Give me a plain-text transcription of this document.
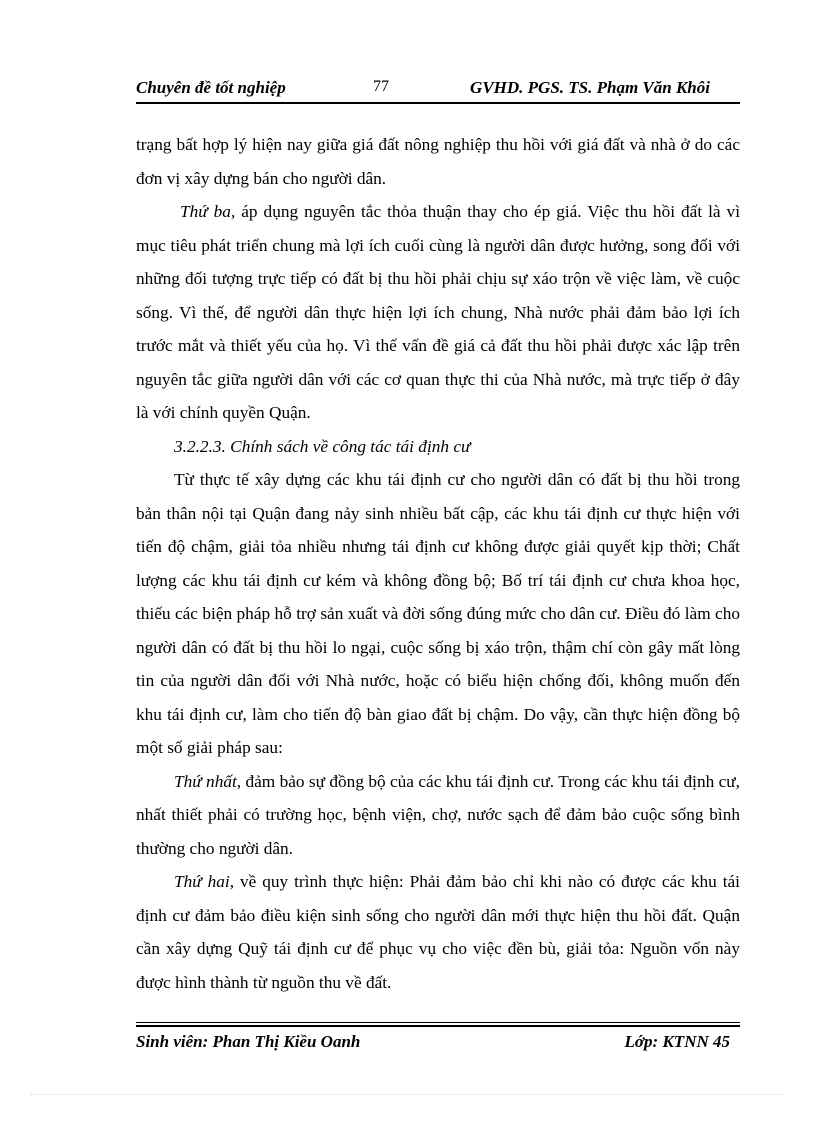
Chuyên đề tốt nghiệp	77	GVHD. PGS. TS. Phạm Văn Khôi

trạng bất hợp lý hiện nay giữa giá đất nông nghiệp thu hồi với giá đất và nhà ở do các đơn vị xây dựng bán cho người dân.

Thứ ba, áp dụng nguyên tắc thỏa thuận thay cho ép giá. Việc thu hồi đất là vì mục tiêu phát triển chung mà lợi ích cuối cùng là người dân được hưởng, song đối với những đối tượng trực tiếp có đất bị thu hồi phải chịu sự xáo trộn về việc làm, về cuộc sống. Vì thế, để người dân thực hiện lợi ích chung, Nhà nước phải đảm bảo lợi ích trước mắt và thiết yếu của họ. Vì thế vấn đề giá cả đất thu hồi phải được xác lập trên nguyên tắc giữa người dân với các cơ quan thực thi của Nhà nước, mà trực tiếp ở đây là với chính quyền Quận.

3.2.2.3. Chính sách về công tác tái định cư

Từ thực tế xây dựng các khu tái định cư cho người dân có đất bị thu hồi trong bản thân nội tại Quận đang nảy sinh nhiều bất cập, các khu tái định cư thực hiện với tiến độ chậm, giải tỏa nhiều nhưng tái định cư không được giải quyết kịp thời; Chất lượng các khu tái định cư kém và không đồng bộ; Bố trí tái định cư chưa khoa học, thiếu các biện pháp hỗ trợ sản xuất và đời sống đúng mức cho dân cư. Điều đó làm cho người dân có đất bị thu hồi lo ngại, cuộc sống bị xáo trộn, thậm chí còn gây mất lòng tin của người dân đối với Nhà nước, hoặc có biểu hiện chống đối, không muốn đến khu tái định cư, làm cho tiến độ bàn giao đất bị chậm. Do vậy, cần thực hiện đồng bộ một số giải pháp sau:

Thứ nhất, đảm bảo sự đồng bộ của các khu tái định cư. Trong các khu tái định cư, nhất thiết phải có trường học, bệnh viện, chợ, nước sạch để đảm bảo cuộc sống bình thường cho người dân.

Thứ hai, về quy trình thực hiện: Phải đảm bảo chỉ khi nào có được các khu tái định cư đảm bảo điều kiện sinh sống cho người dân mới thực hiện thu hồi đất. Quận cần xây dựng Quỹ tái định cư để phục vụ cho việc đền bù, giải tỏa: Nguồn vốn này được hình thành từ nguồn thu về đất.

Sinh viên: Phan Thị Kiều Oanh	Lớp: KTNN 45
